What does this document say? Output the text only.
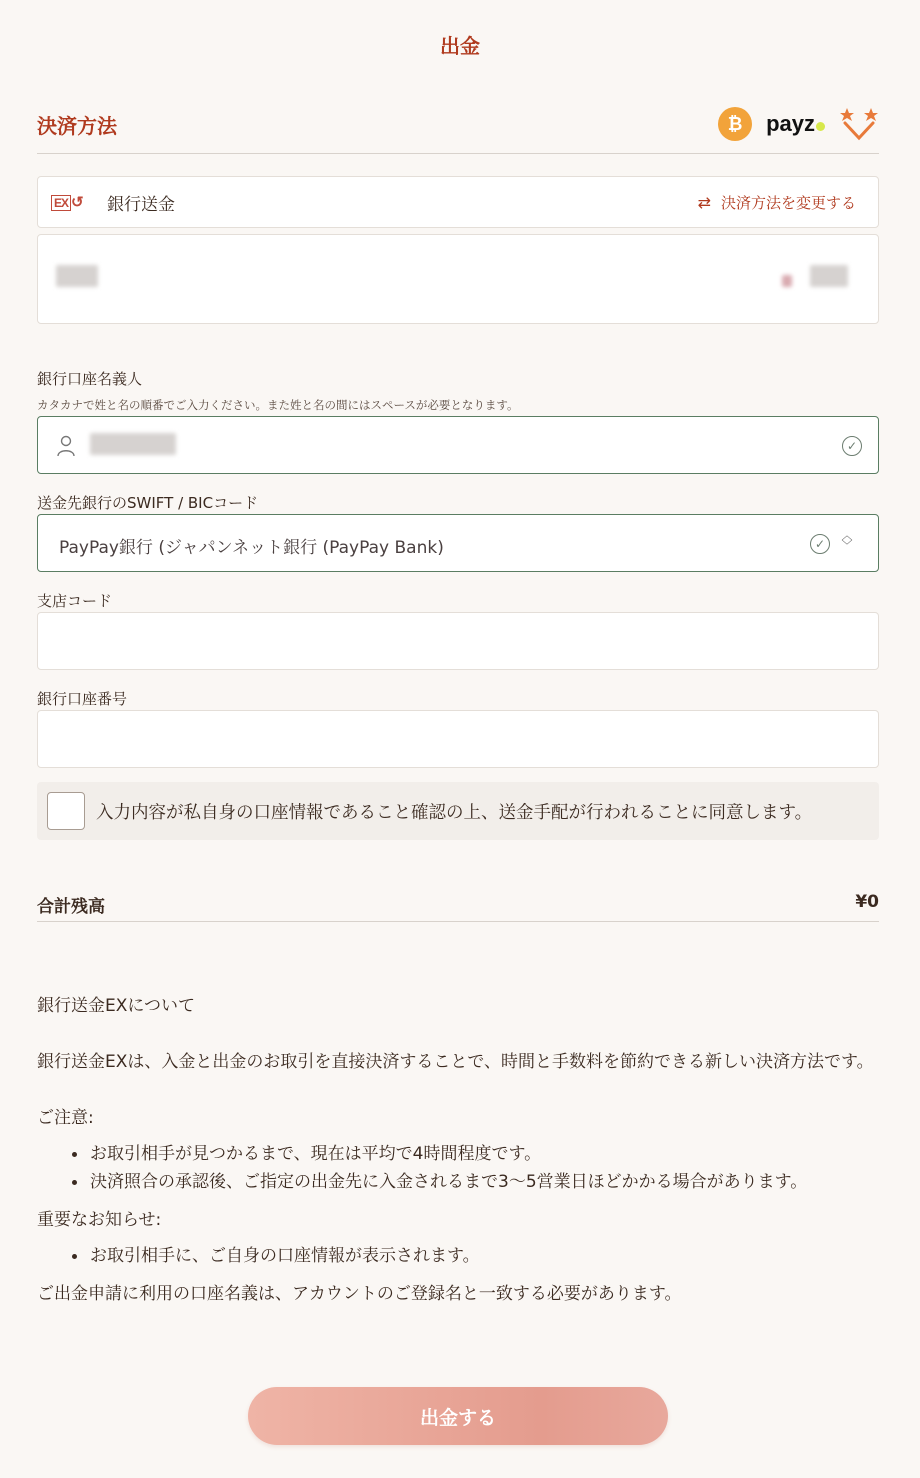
出金
決済方法	₿	payz
EX ↺ 銀行送金	⇄ 決済方法を変更する
銀行口座名義人
カタカナで姓と名の順番でご入力ください。また姓と名の間にはスペースが必要となります。
✓
送金先銀行のSWIFT / BICコード
PayPay銀行 (ジャパンネット銀行 (PayPay Bank)	✓
︿
﹀
支店コード
銀行口座番号
入力内容が私自身の口座情報であること確認の上、送金手配が行われることに同意します。
合計残高	¥0

銀行送金EXについて

銀行送金EXは、入金と出金のお取引を直接決済することで、時間と手数料を節約できる新しい決済方法です。

ご注意:

お取引相手が見つかるまで、現在は平均で4時間程度です。
決済照合の承認後、ご指定の出金先に入金されるまで3〜5営業日ほどかかる場合があります。

重要なお知らせ:

お取引相手に、ご自身の口座情報が表示されます。

ご出金申請に利用の口座名義は、アカウントのご登録名と一致する必要があります。

出金する
